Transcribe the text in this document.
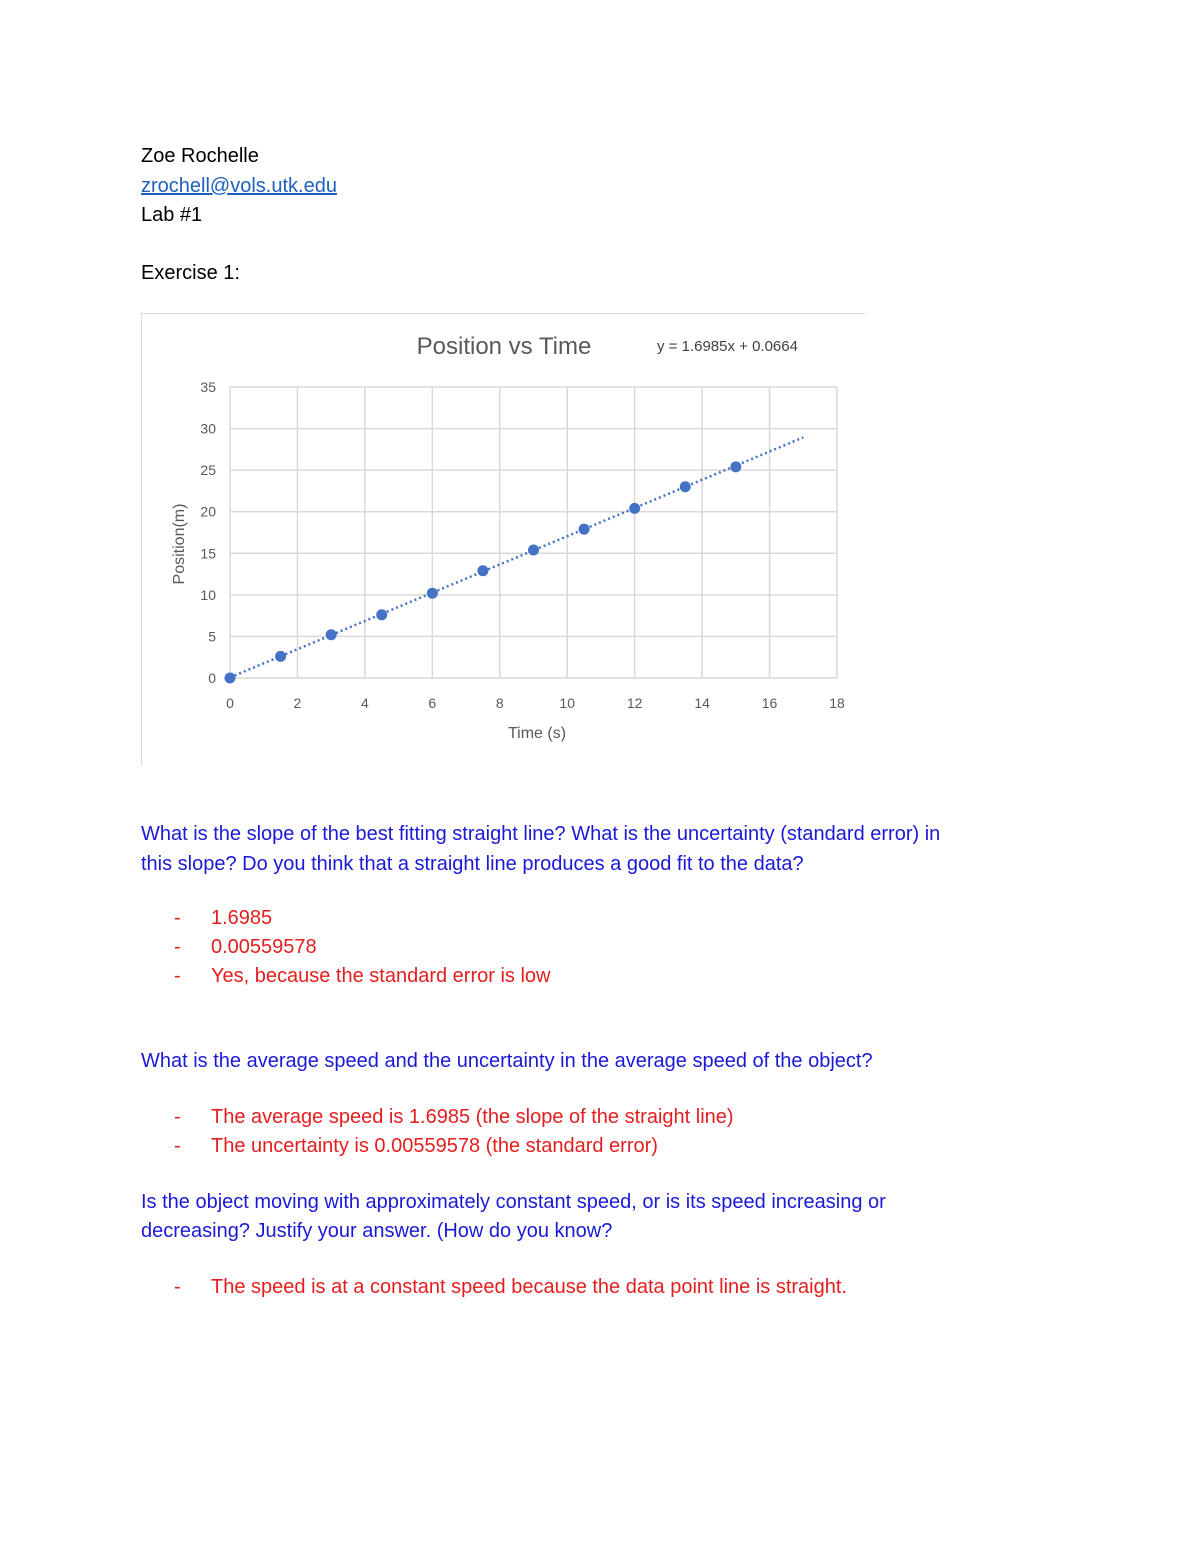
Zoe Rochelle
zrochell@vols.utk.edu
Lab #1
Exercise 1:
0
5
10
15
20
25
30
35
0	2	4	6	8	10	12	14	16	18
Position vs Time	y = 1.6985x + 0.0664
Time (s)
Position(m)
What is the slope of the best fitting straight line? What is the uncertainty (standard error) in
this slope? Do you think that a straight line produces a good fit to the data?
- 1.6985
- 0.00559578
- Yes, because the standard error is low
What is the average speed and the uncertainty in the average speed of the object?
- The average speed is 1.6985 (the slope of the straight line)
- The uncertainty is 0.00559578 (the standard error)
Is the object moving with approximately constant speed, or is its speed increasing or
decreasing? Justify your answer. (How do you know?
- The speed is at a constant speed because the data point line is straight.
